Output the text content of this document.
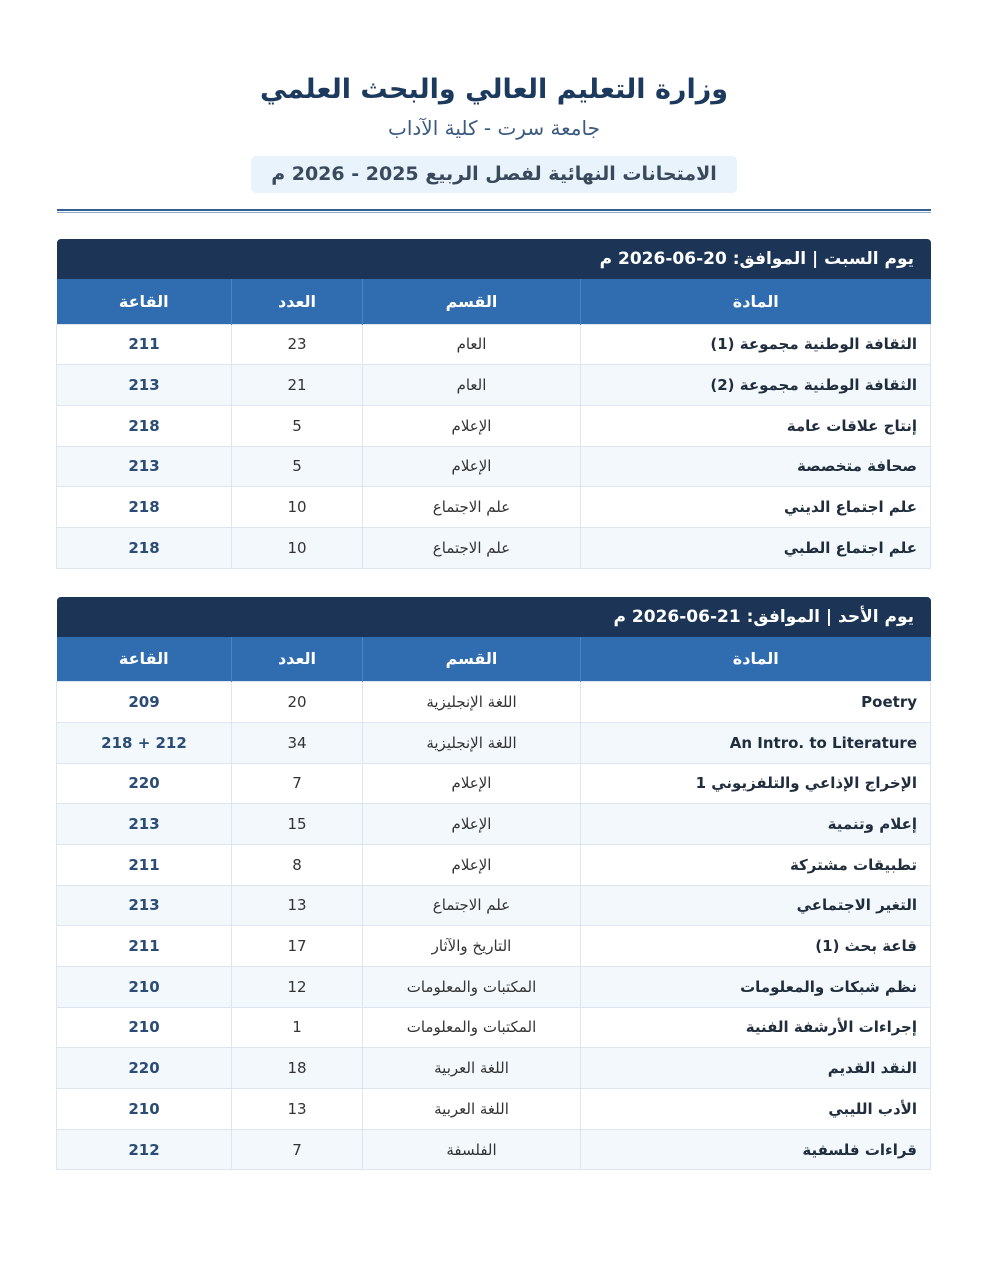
وزارة التعليم العالي والبحث العلمي
جامعة سرت - كلية الآداب
الامتحانات النهائية لفصل الربيع 2025 - 2026 م
يوم السبت | الموافق: 20-06-2026 م
المادة	القسم	العدد	القاعة
الثقافة الوطنية مجموعة (1)	العام	23	211
الثقافة الوطنية مجموعة (2)	العام	21	213
إنتاج علاقات عامة	الإعلام	5	218
صحافة متخصصة	الإعلام	5	213
علم اجتماع الديني	علم الاجتماع	10	218
علم اجتماع الطبي	علم الاجتماع	10	218
يوم الأحد | الموافق: 21-06-2026 م
المادة	القسم	العدد	القاعة
Poetry	اللغة الإنجليزية	20	209
An Intro. to Literature	اللغة الإنجليزية	34	212 + 218
الإخراج الإذاعي والتلفزيوني 1	الإعلام	7	220
إعلام وتنمية	الإعلام	15	213
تطبيقات مشتركة	الإعلام	8	211
التغير الاجتماعي	علم الاجتماع	13	213
قاعة بحث (1)	التاريخ والآثار	17	211
نظم شبكات والمعلومات	المكتبات والمعلومات	12	210
إجراءات الأرشفة الفنية	المكتبات والمعلومات	1	210
النقد القديم	اللغة العربية	18	220
الأدب الليبي	اللغة العربية	13	210
قراءات فلسفية	الفلسفة	7	212
